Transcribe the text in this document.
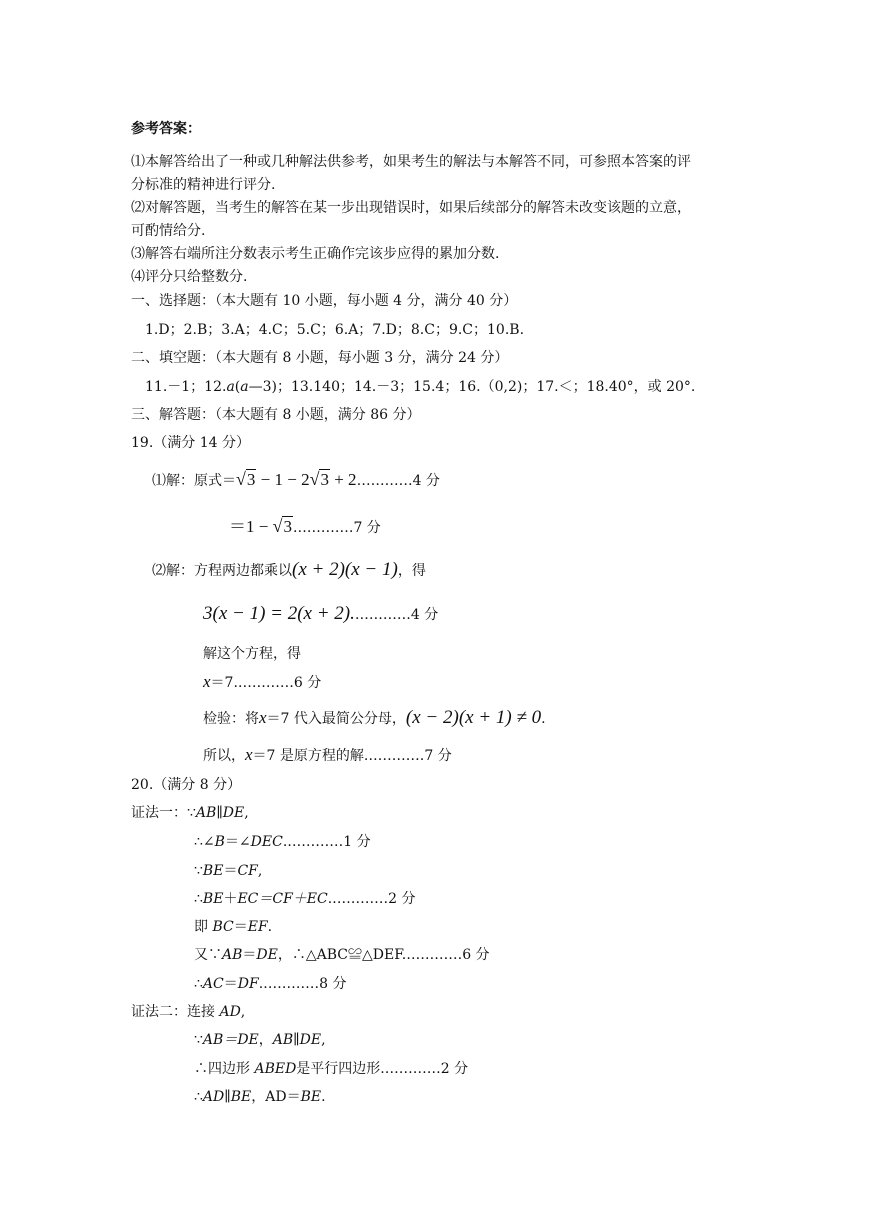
参考答案：
⑴本解答给出了一种或几种解法供参考，如果考生的解法与本解答不同，可参照本答案的评
分标准的精神进行评分.
⑵对解答题，当考生的解答在某一步出现错误时，如果后续部分的解答未改变该题的立意，
可酌情给分.
⑶解答右端所注分数表示考生正确作完该步应得的累加分数.
⑷评分只给整数分.
一、选择题：（本大题有 10 小题，每小题 4 分，满分 40 分）
1.D；2.B；3.A；4.C；5.C；6.A；7.D；8.C；9.C；10.B.
二、填空题：（本大题有 8 小题，每小题 3 分，满分 24 分）
11.－1；12.a(a—3)；13.140；14.－3；15.4；16.（0,2)；17.＜；18.40°，或 20°.
三、解答题：（本大题有 8 小题，满分 86 分）
19.（满分 14 分）
⑴解：原式＝√3 − 1 − 2√3 + 2…………4 分
＝1 − √3.…………7 分
⑵解：方程两边都乘以(x + 2)(x − 1)，得
3(x − 1) = 2(x + 2).…………4 分
解这个方程，得
x＝7.…………6 分
检验：将x＝7 代入最简公分母，(x − 2)(x + 1) ≠ 0.
所以，x＝7 是原方程的解.…………7 分
20.（满分 8 分）
证法一： ∵AB∥DE,
∴∠B＝∠DEC.…………1 分
∵BE＝CF,
∴BE＋EC＝CF＋EC.…………2 分
即 BC＝EF.
又∵AB＝DE，∴△ABC≌△DEF.…………6 分
∴AC＝DF.…………8 分
证法二：连接 AD,
∵AB＝DE，AB∥DE,
∴四边形 ABED是平行四边形.…………2 分
∴AD∥BE，AD＝BE.
